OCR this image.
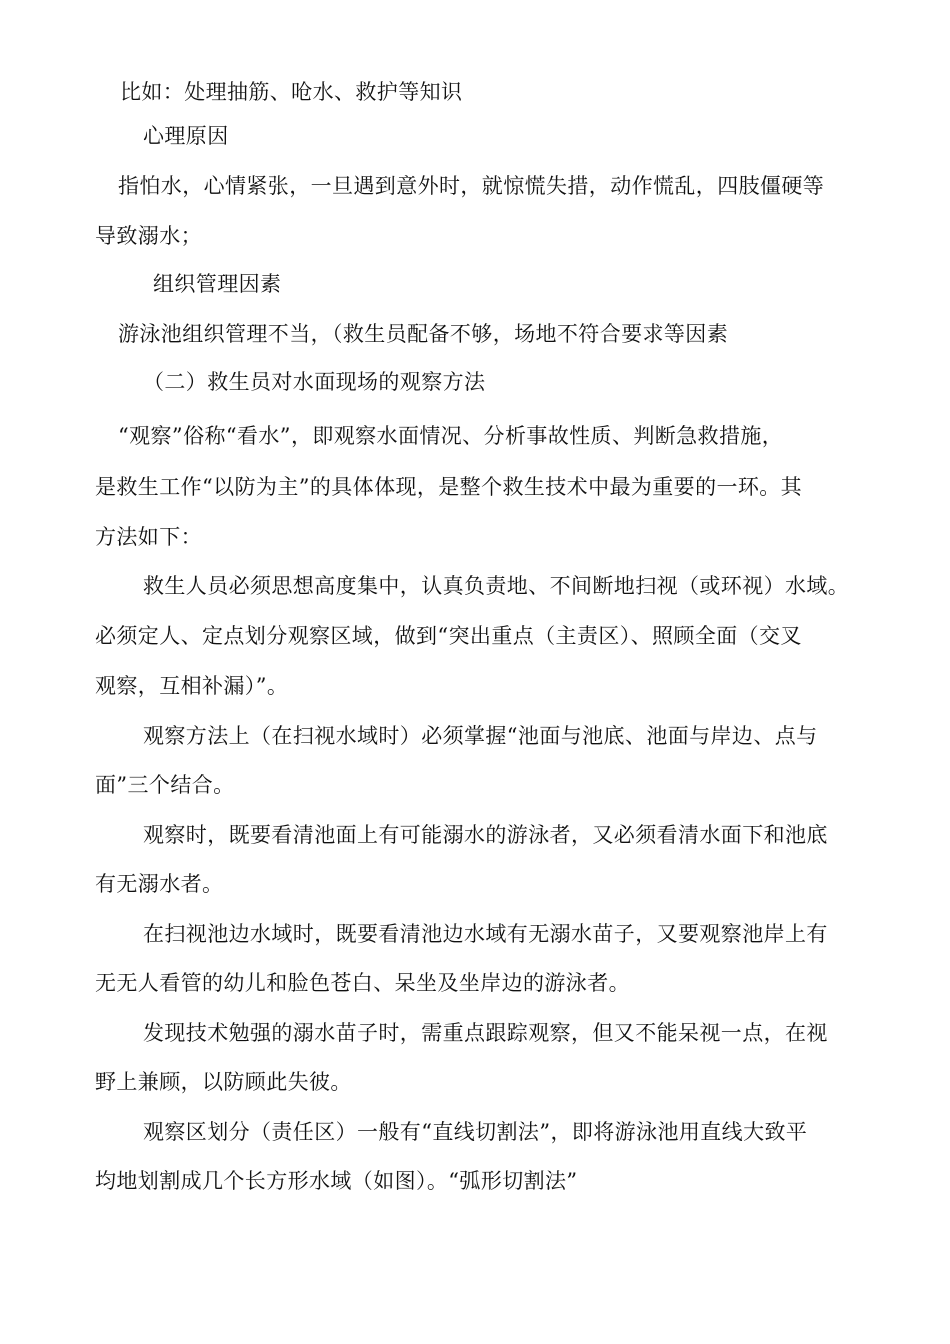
比如：处理抽筋、呛水、救护等知识
心理原因
指怕水，心情紧张，一旦遇到意外时，就惊慌失措，动作慌乱，四肢僵硬等
导致溺水；
组织管理因素
游泳池组织管理不当，（救生员配备不够，场地不符合要求等因素
（二）救生员对水面现场的观察方法
“观察”俗称“看水”，即观察水面情况、分析事故性质、判断急救措施，
是救生工作“以防为主”的具体体现，是整个救生技术中最为重要的一环。其
方法如下：
救生人员必须思想高度集中，认真负责地、不间断地扫视（或环视）水域。
必须定人、定点划分观察区域，做到“突出重点（主责区）、照顾全面（交叉
观察，互相补漏）”。
观察方法上（在扫视水域时）必须掌握“池面与池底、池面与岸边、点与
面”三个结合。
观察时，既要看清池面上有可能溺水的游泳者，又必须看清水面下和池底
有无溺水者。
在扫视池边水域时，既要看清池边水域有无溺水苗子，又要观察池岸上有
无无人看管的幼儿和脸色苍白、呆坐及坐岸边的游泳者。
发现技术勉强的溺水苗子时，需重点跟踪观察，但又不能呆视一点，在视
野上兼顾，以防顾此失彼。
观察区划分（责任区）一般有“直线切割法”，即将游泳池用直线大致平
均地划割成几个长方形水域（如图）。“弧形切割法”
